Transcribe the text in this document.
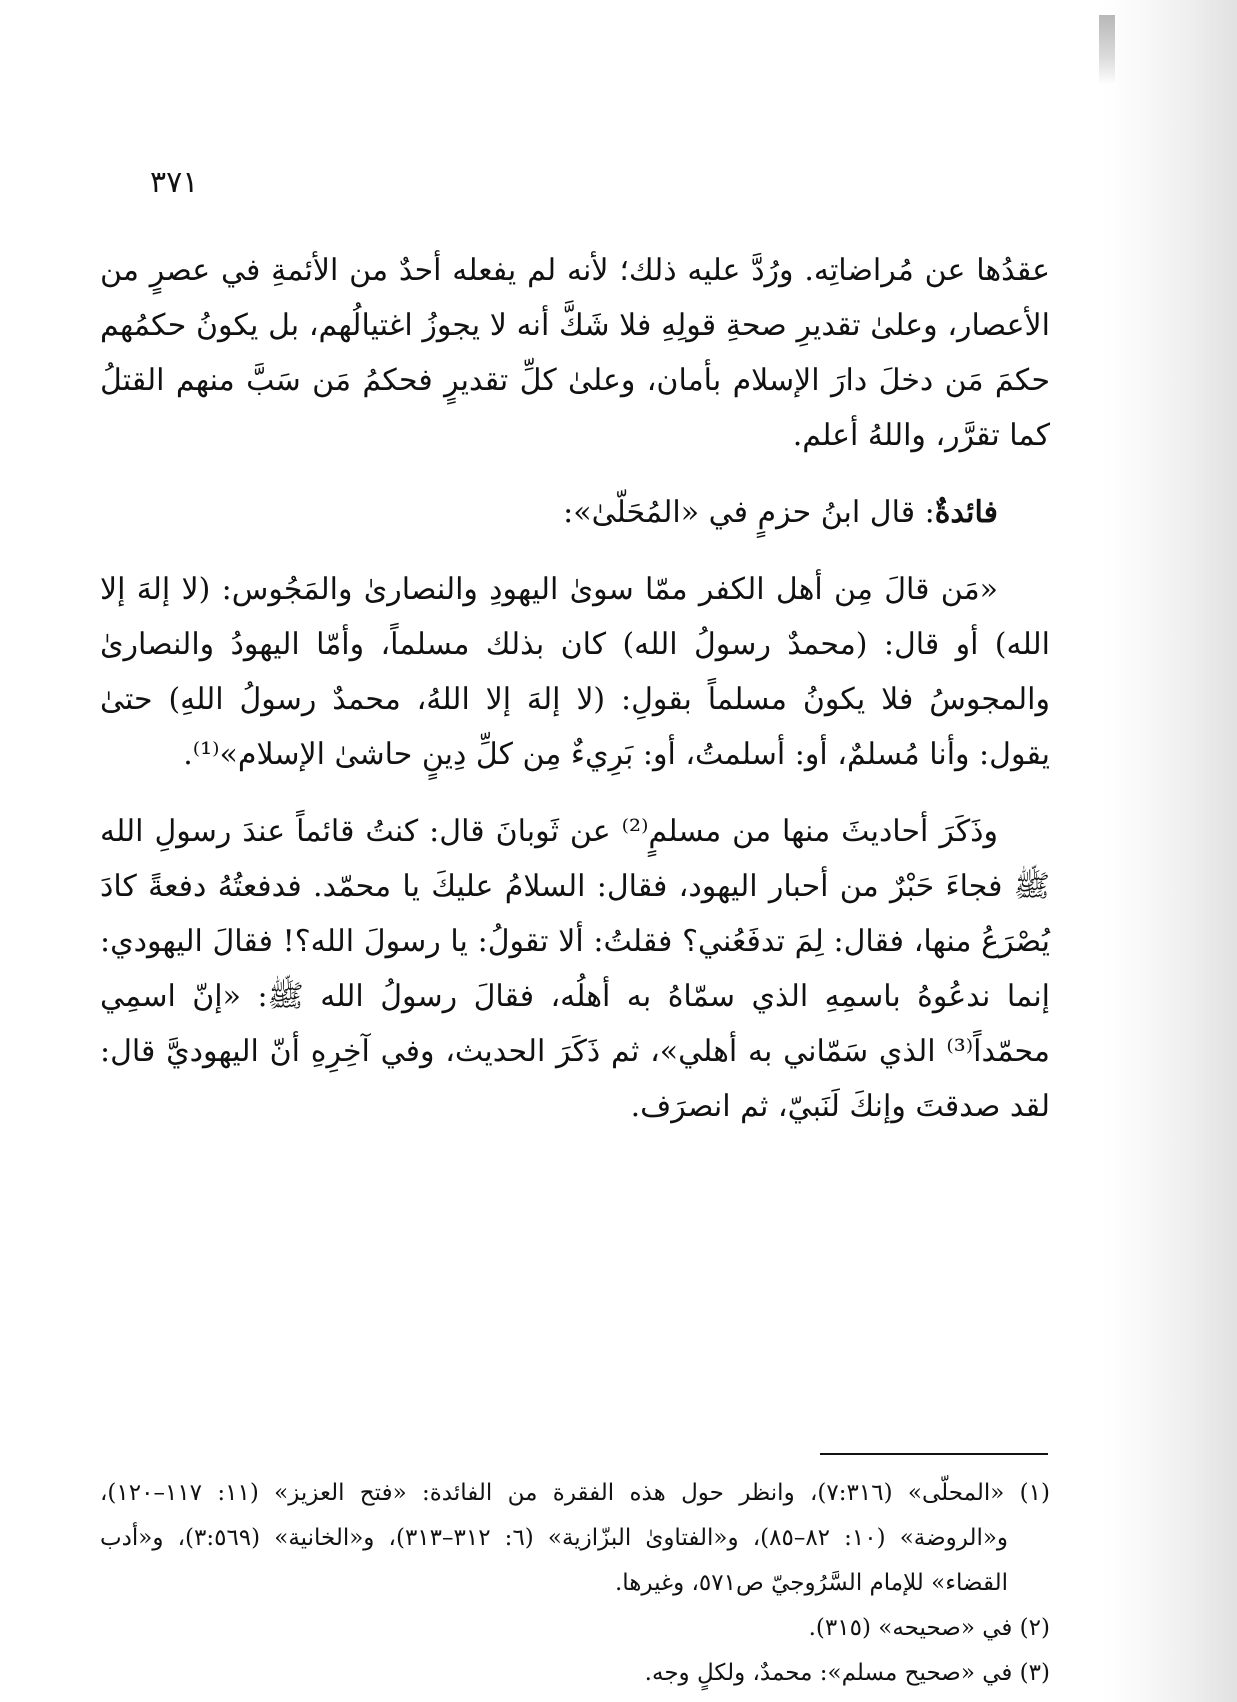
٣٧١

عقدُها عن مُراضاتِه. ورُدَّ عليه ذلك؛ لأنه لم يفعله أحدٌ من الأئمةِ في عصرٍ من الأعصار، وعلىٰ تقديرِ صحةِ قولِهِ فلا شَكَّ أنه لا يجوزُ اغتيالُهم، بل يكونُ حكمُهم حكمَ مَن دخلَ دارَ الإسلام بأمان، وعلىٰ كلِّ تقديرٍ فحكمُ مَن سَبَّ منهم القتلُ كما تقرَّر، واللهُ أعلم.

فائدةٌ: قال ابنُ حزمٍ في «المُحَلّىٰ»:

«مَن قالَ مِن أهل الكفر ممّا سوىٰ اليهودِ والنصارىٰ والمَجُوس: (لا إلهَ إلا الله) أو قال: (محمدٌ رسولُ الله) كان بذلك مسلماً، وأمّا اليهودُ والنصارىٰ والمجوسُ فلا يكونُ مسلماً بقولِ: (لا إلهَ إلا اللهُ، محمدٌ رسولُ اللهِ) حتىٰ يقول: وأنا مُسلمٌ، أو: أسلمتُ، أو: بَرِيءٌ مِن كلِّ دِينٍ حاشىٰ الإسلام»⁽¹⁾.

وذَكَرَ أحاديثَ منها من مسلمٍ⁽²⁾ عن ثَوبانَ قال: كنتُ قائماً عندَ رسولِ الله ﷺ فجاءَ حَبْرٌ من أحبار اليهود، فقال: السلامُ عليكَ يا محمّد. فدفعتُهُ دفعةً كادَ يُصْرَعُ منها، فقال: لِمَ تدفَعُني؟ فقلتُ: ألا تقولُ: يا رسولَ الله؟! فقالَ اليهودي: إنما ندعُوهُ باسمِهِ الذي سمّاهُ به أهلُه، فقالَ رسولُ الله ﷺ: «إنّ اسمِي محمّداً⁽³⁾ الذي سَمّاني به أهلي»، ثم ذَكَرَ الحديث، وفي آخِرِهِ أنّ اليهوديَّ قال: لقد صدقتَ وإنكَ لَنَبيّ، ثم انصرَف.

(١) «المحلّى» (٧:٣١٦)، وانظر حول هذه الفقرة من الفائدة: «فتح العزيز» (١١: ١١٧–١٢٠)، و«الروضة» (١٠: ٨٢–٨٥)، و«الفتاوىٰ البزّازية» (٦: ٣١٢–٣١٣)، و«الخانية» (٣:٥٦٩)، و«أدب القضاء» للإمام السَّرُوجيّ ص٥٧١، وغيرها.

(٢) في «صحيحه» (٣١٥).

(٣) في «صحيح مسلم»: محمدٌ، ولكلٍ وجه.
